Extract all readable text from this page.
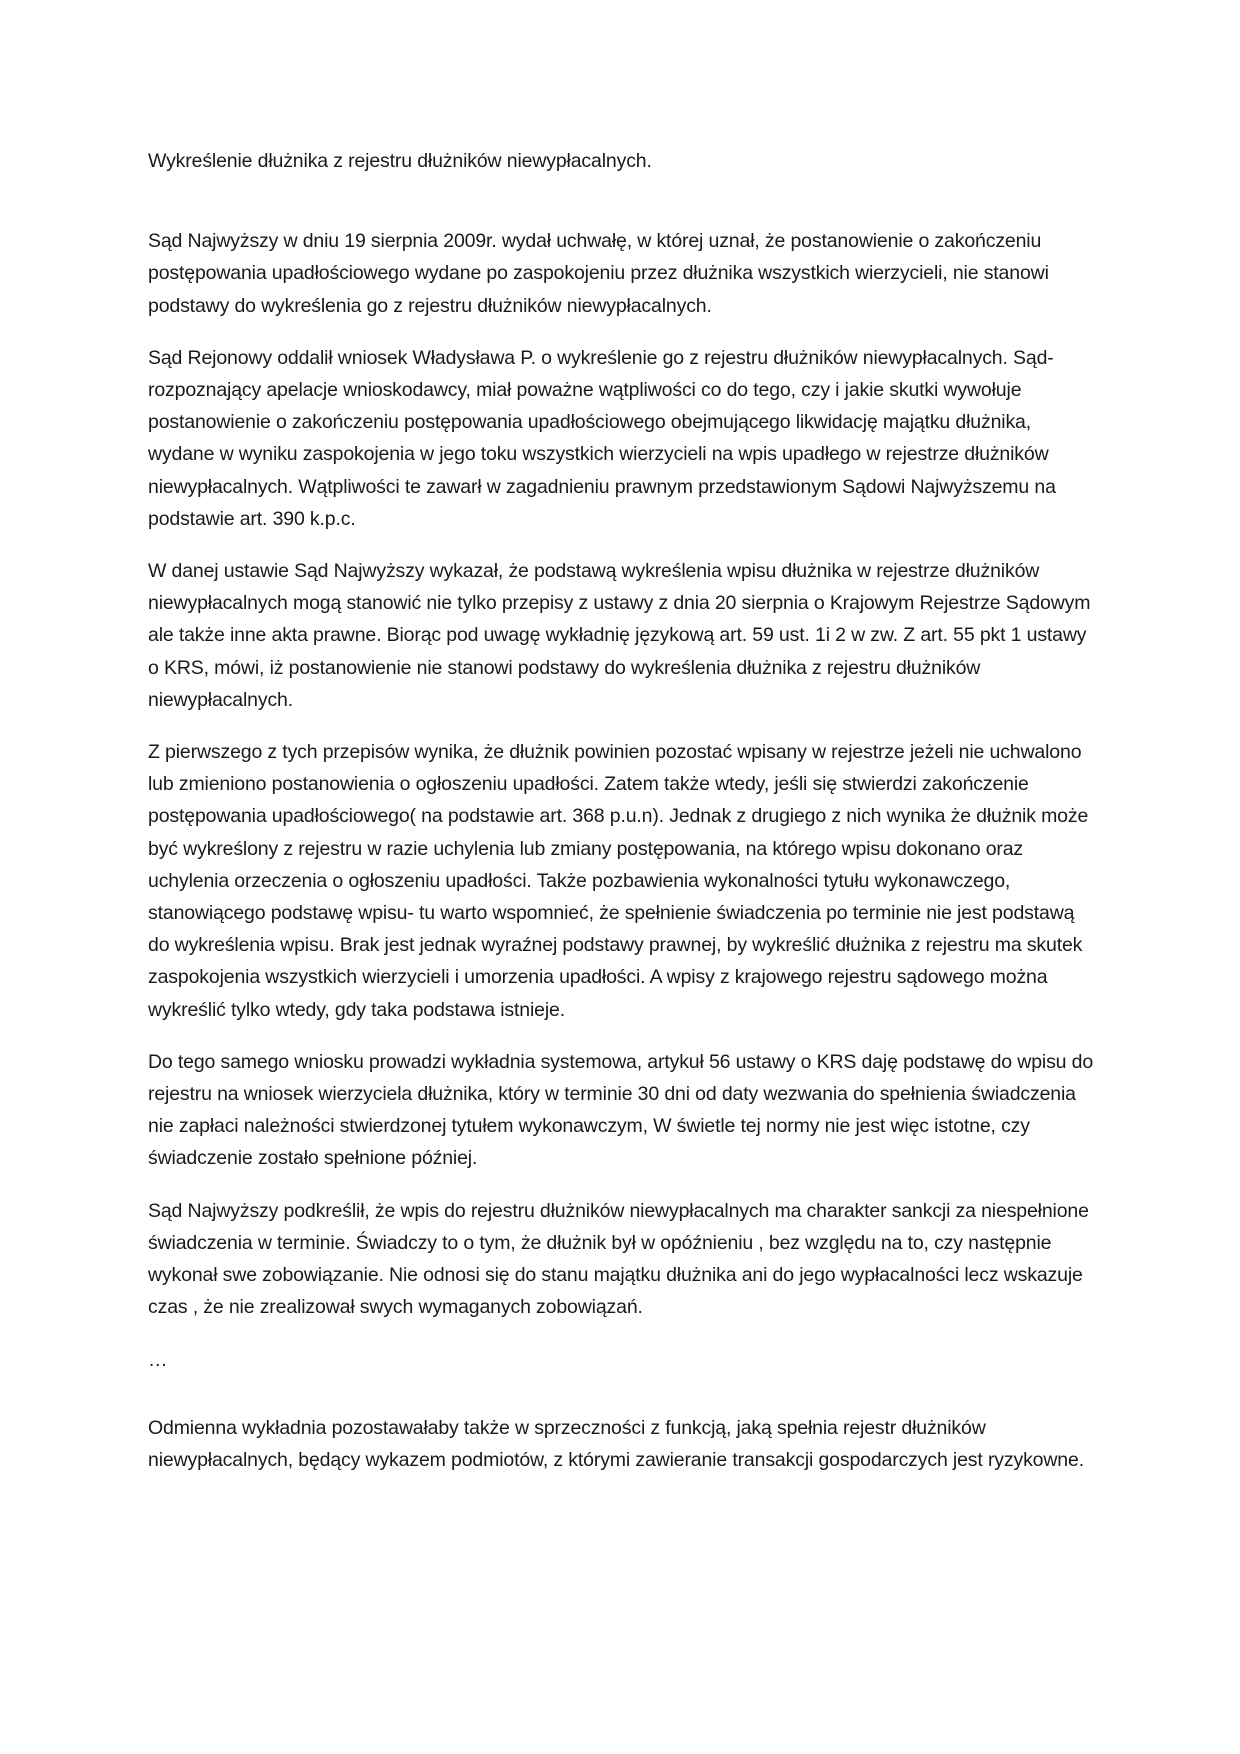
Wykreślenie dłużnika z rejestru dłużników niewypłacalnych.

Sąd Najwyższy w dniu 19 sierpnia 2009r. wydał uchwałę, w której uznał, że postanowienie o zakończeniu postępowania upadłościowego wydane po zaspokojeniu przez dłużnika wszystkich wierzycieli, nie stanowi podstawy do wykreślenia go z rejestru dłużników niewypłacalnych.

Sąd Rejonowy oddalił wniosek Władysława P. o wykreślenie go z rejestru dłużników niewypłacalnych. Sąd- rozpoznający apelacje wnioskodawcy, miał poważne wątpliwości co do tego, czy i jakie skutki wywołuje postanowienie o zakończeniu postępowania upadłościowego obejmującego likwidację majątku dłużnika, wydane w wyniku zaspokojenia w jego toku wszystkich wierzycieli na wpis upadłego w rejestrze dłużników niewypłacalnych. Wątpliwości te zawarł w zagadnieniu prawnym przedstawionym Sądowi Najwyższemu na podstawie art. 390 k.p.c.

W danej ustawie Sąd Najwyższy wykazał, że podstawą wykreślenia wpisu dłużnika w rejestrze dłużników niewypłacalnych mogą stanowić nie tylko przepisy z ustawy z dnia 20 sierpnia o Krajowym Rejestrze Sądowym ale także inne akta prawne. Biorąc pod uwagę wykładnię językową art. 59 ust. 1i 2 w zw. Z art. 55 pkt 1 ustawy o KRS, mówi, iż postanowienie nie stanowi podstawy do wykreślenia dłużnika z rejestru dłużników niewypłacalnych.

Z pierwszego z tych przepisów wynika, że dłużnik powinien pozostać wpisany w rejestrze jeżeli nie uchwalono lub zmieniono postanowienia o ogłoszeniu upadłości. Zatem także wtedy, jeśli się stwierdzi zakończenie postępowania upadłościowego( na podstawie art. 368 p.u.n). Jednak z drugiego z nich wynika że dłużnik może być wykreślony z rejestru w razie uchylenia lub zmiany postępowania, na którego wpisu dokonano oraz uchylenia orzeczenia o ogłoszeniu upadłości. Także pozbawienia wykonalności tytułu wykonawczego, stanowiącego podstawę wpisu- tu warto wspomnieć, że spełnienie świadczenia po terminie nie jest podstawą do wykreślenia wpisu. Brak jest jednak wyraźnej podstawy prawnej, by wykreślić dłużnika z rejestru ma skutek zaspokojenia wszystkich wierzycieli i umorzenia upadłości. A wpisy z krajowego rejestru sądowego można wykreślić tylko wtedy, gdy taka podstawa istnieje.

Do tego samego wniosku prowadzi wykładnia systemowa, artykuł 56 ustawy o KRS daję podstawę do wpisu do rejestru na wniosek wierzyciela dłużnika, który w terminie 30 dni od daty wezwania do spełnienia świadczenia nie zapłaci należności stwierdzonej tytułem wykonawczym, W świetle tej normy nie jest więc istotne, czy świadczenie zostało spełnione później.

Sąd Najwyższy podkreślił, że wpis do rejestru dłużników niewypłacalnych ma charakter sankcji za niespełnione świadczenia w terminie. Świadczy to o tym, że dłużnik był w opóźnieniu , bez względu na to, czy następnie wykonał swe zobowiązanie. Nie odnosi się do stanu majątku dłużnika ani do jego wypłacalności lecz wskazuje czas , że nie zrealizował swych wymaganych zobowiązań.

…

Odmienna wykładnia pozostawałaby także w sprzeczności z funkcją, jaką spełnia rejestr dłużników niewypłacalnych, będący wykazem podmiotów, z którymi zawieranie transakcji gospodarczych jest ryzykowne.
